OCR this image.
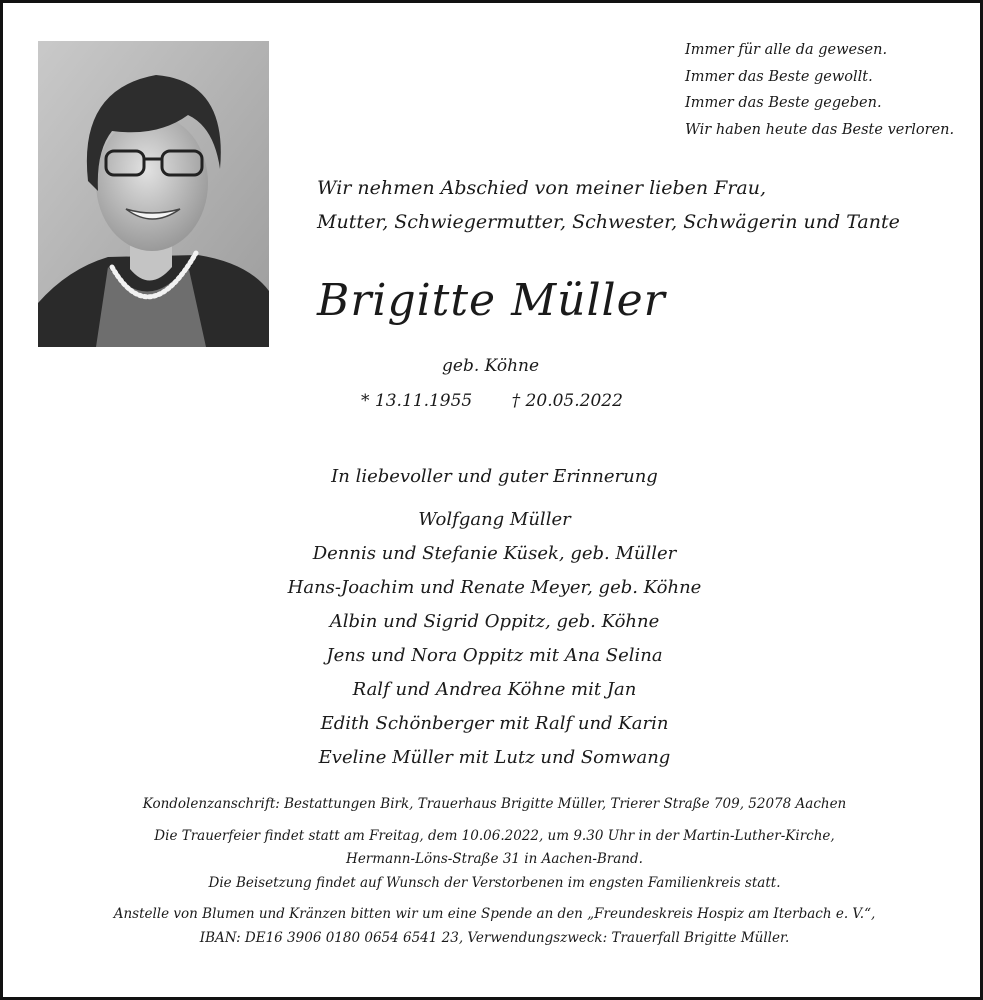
Immer für alle da gewesen.
Immer das Beste gewollt.
Immer das Beste gegeben.
Wir haben heute das Beste verloren.
Wir nehmen Abschied von meiner lieben Frau,
Mutter, Schwiegermutter, Schwester, Schwägerin und Tante
Brigitte Müller
geb. Köhne
* 13.11.1955 † 20.05.2022
In liebevoller und guter Erinnerung
Wolfgang Müller
Dennis und Stefanie Küsek, geb. Müller
Hans-Joachim und Renate Meyer, geb. Köhne
Albin und Sigrid Oppitz, geb. Köhne
Jens und Nora Oppitz mit Ana Selina
Ralf und Andrea Köhne mit Jan
Edith Schönberger mit Ralf und Karin
Eveline Müller mit Lutz und Somwang
Kondolenzanschrift: Bestattungen Birk, Trauerhaus Brigitte Müller, Trierer Straße 709, 52078 Aachen
Die Trauerfeier findet statt am Freitag, dem 10.06.2022, um 9.30 Uhr in der Martin-Luther-Kirche,
Hermann-Löns-Straße 31 in Aachen-Brand.
Die Beisetzung findet auf Wunsch der Verstorbenen im engsten Familienkreis statt.
Anstelle von Blumen und Kränzen bitten wir um eine Spende an den „Freundeskreis Hospiz am Iterbach e. V.“,
IBAN: DE16 3906 0180 0654 6541 23, Verwendungszweck: Trauerfall Brigitte Müller.
